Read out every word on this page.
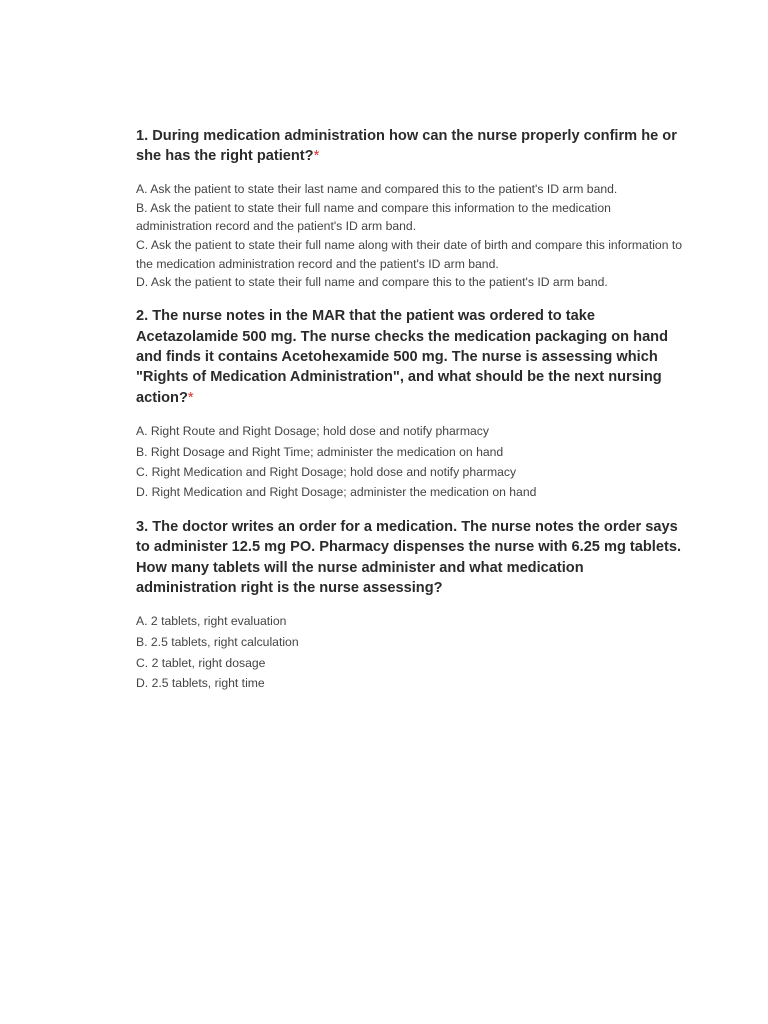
1. During medication administration how can the nurse properly confirm he or she has the right patient?*

A. Ask the patient to state their last name and compared this to the patient's ID arm band.
B. Ask the patient to state their full name and compare this information to the medication administration record and the patient's ID arm band.
C. Ask the patient to state their full name along with their date of birth and compare this information to the medication administration record and the patient's ID arm band.
D. Ask the patient to state their full name and compare this to the patient's ID arm band.

2. The nurse notes in the MAR that the patient was ordered to take Acetazolamide 500 mg. The nurse checks the medication packaging on hand and finds it contains Acetohexamide 500 mg. The nurse is assessing which "Rights of Medication Administration", and what should be the next nursing action?*

A. Right Route and Right Dosage; hold dose and notify pharmacy
B. Right Dosage and Right Time; administer the medication on hand
C. Right Medication and Right Dosage; hold dose and notify pharmacy
D. Right Medication and Right Dosage; administer the medication on hand

3. The doctor writes an order for a medication. The nurse notes the order says to administer 12.5 mg PO. Pharmacy dispenses the nurse with 6.25 mg tablets. How many tablets will the nurse administer and what medication administration right is the nurse assessing?

A. 2 tablets, right evaluation
B. 2.5 tablets, right calculation
C. 2 tablet, right dosage
D. 2.5 tablets, right time
